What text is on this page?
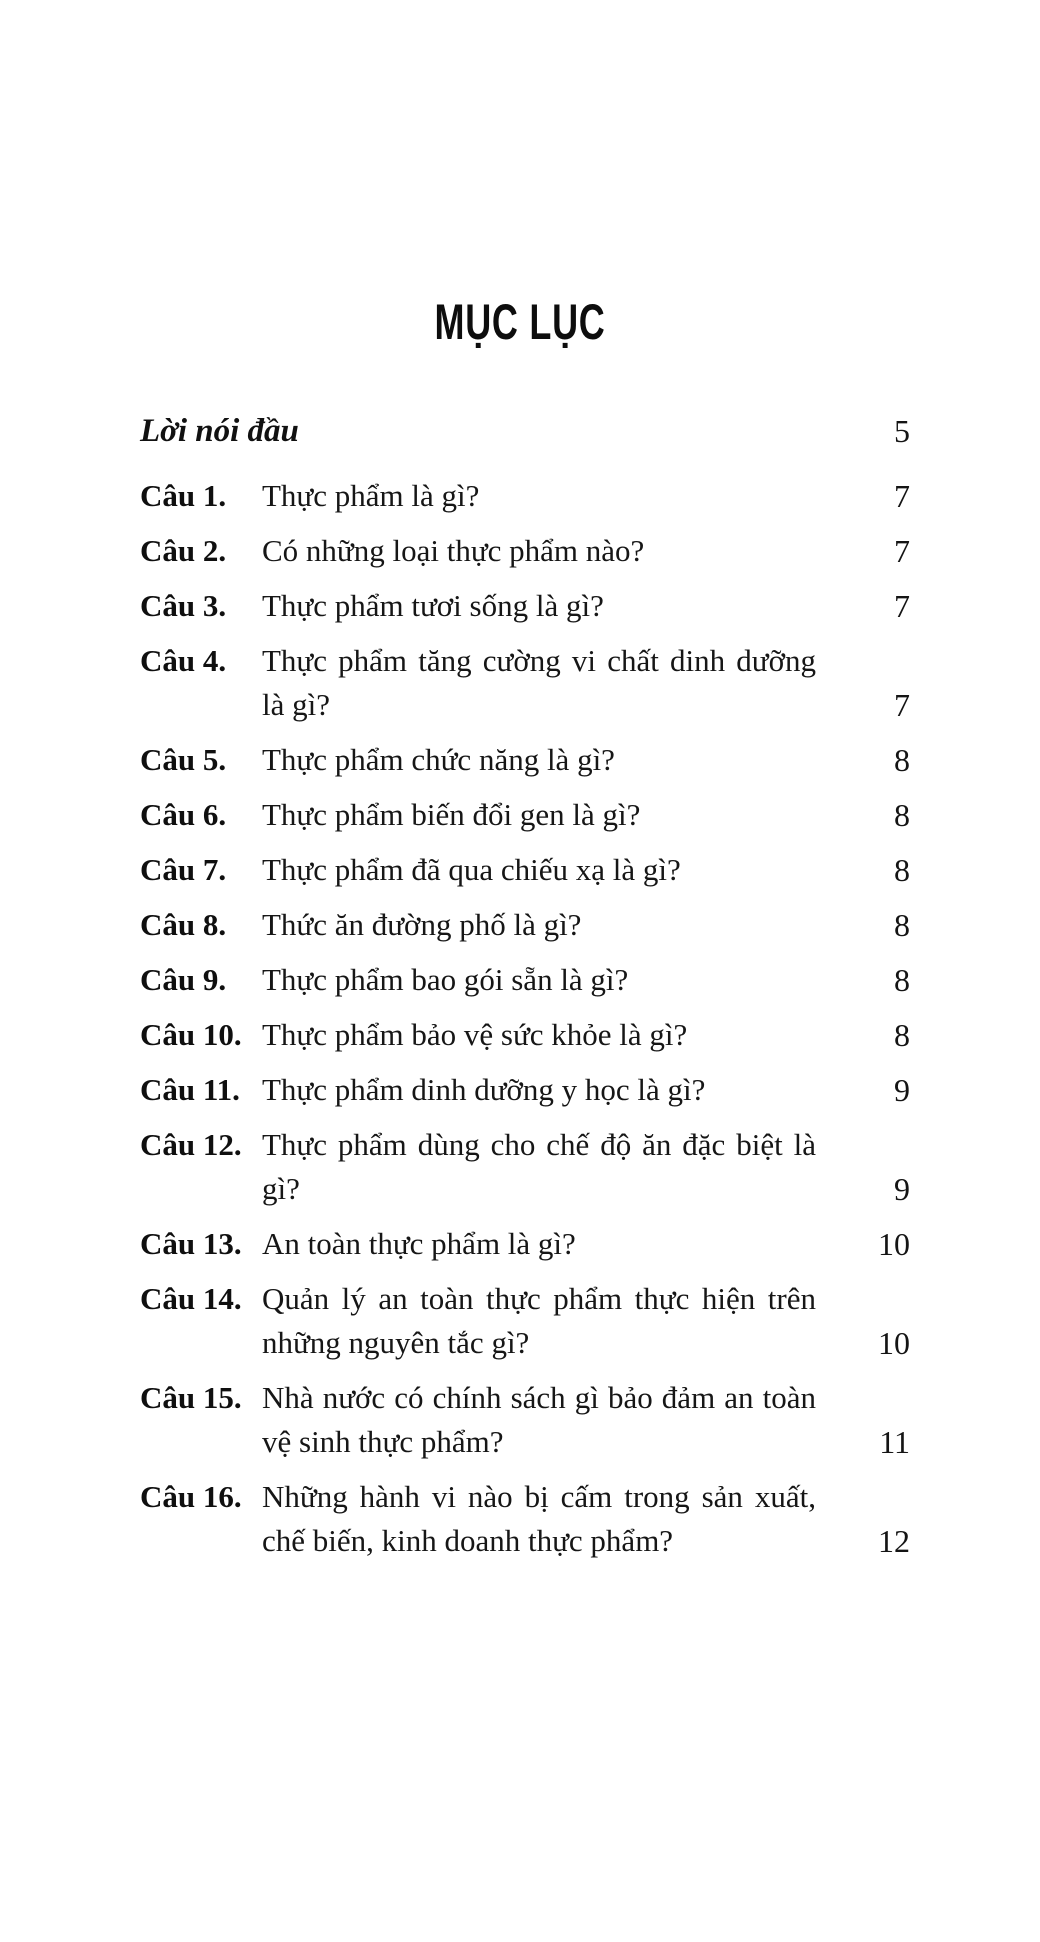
MỤC LỤC
Lời nói đầu	5
Câu 1.	Thực phẩm là gì?	7
Câu 2.	Có những loại thực phẩm nào?	7
Câu 3.	Thực phẩm tươi sống là gì?	7
Câu 4.	Thực phẩm tăng cường vi chất dinh dưỡng là gì?	7
Câu 5.	Thực phẩm chức năng là gì?	8
Câu 6.	Thực phẩm biến đổi gen là gì?	8
Câu 7.	Thực phẩm đã qua chiếu xạ là gì?	8
Câu 8.	Thức ăn đường phố là gì?	8
Câu 9.	Thực phẩm bao gói sẵn là gì?	8
Câu 10. Thực phẩm bảo vệ sức khỏe là gì?	8
Câu 11. Thực phẩm dinh dưỡng y học là gì?	9
Câu 12. Thực phẩm dùng cho chế độ ăn đặc biệt là gì?	9
Câu 13. An toàn thực phẩm là gì?	10
Câu 14. Quản lý an toàn thực phẩm thực hiện trên những nguyên tắc gì?	10
Câu 15. Nhà nước có chính sách gì bảo đảm an toàn vệ sinh thực phẩm?	11
Câu 16. Những hành vi nào bị cấm trong sản xuất, chế biến, kinh doanh thực phẩm?	12
